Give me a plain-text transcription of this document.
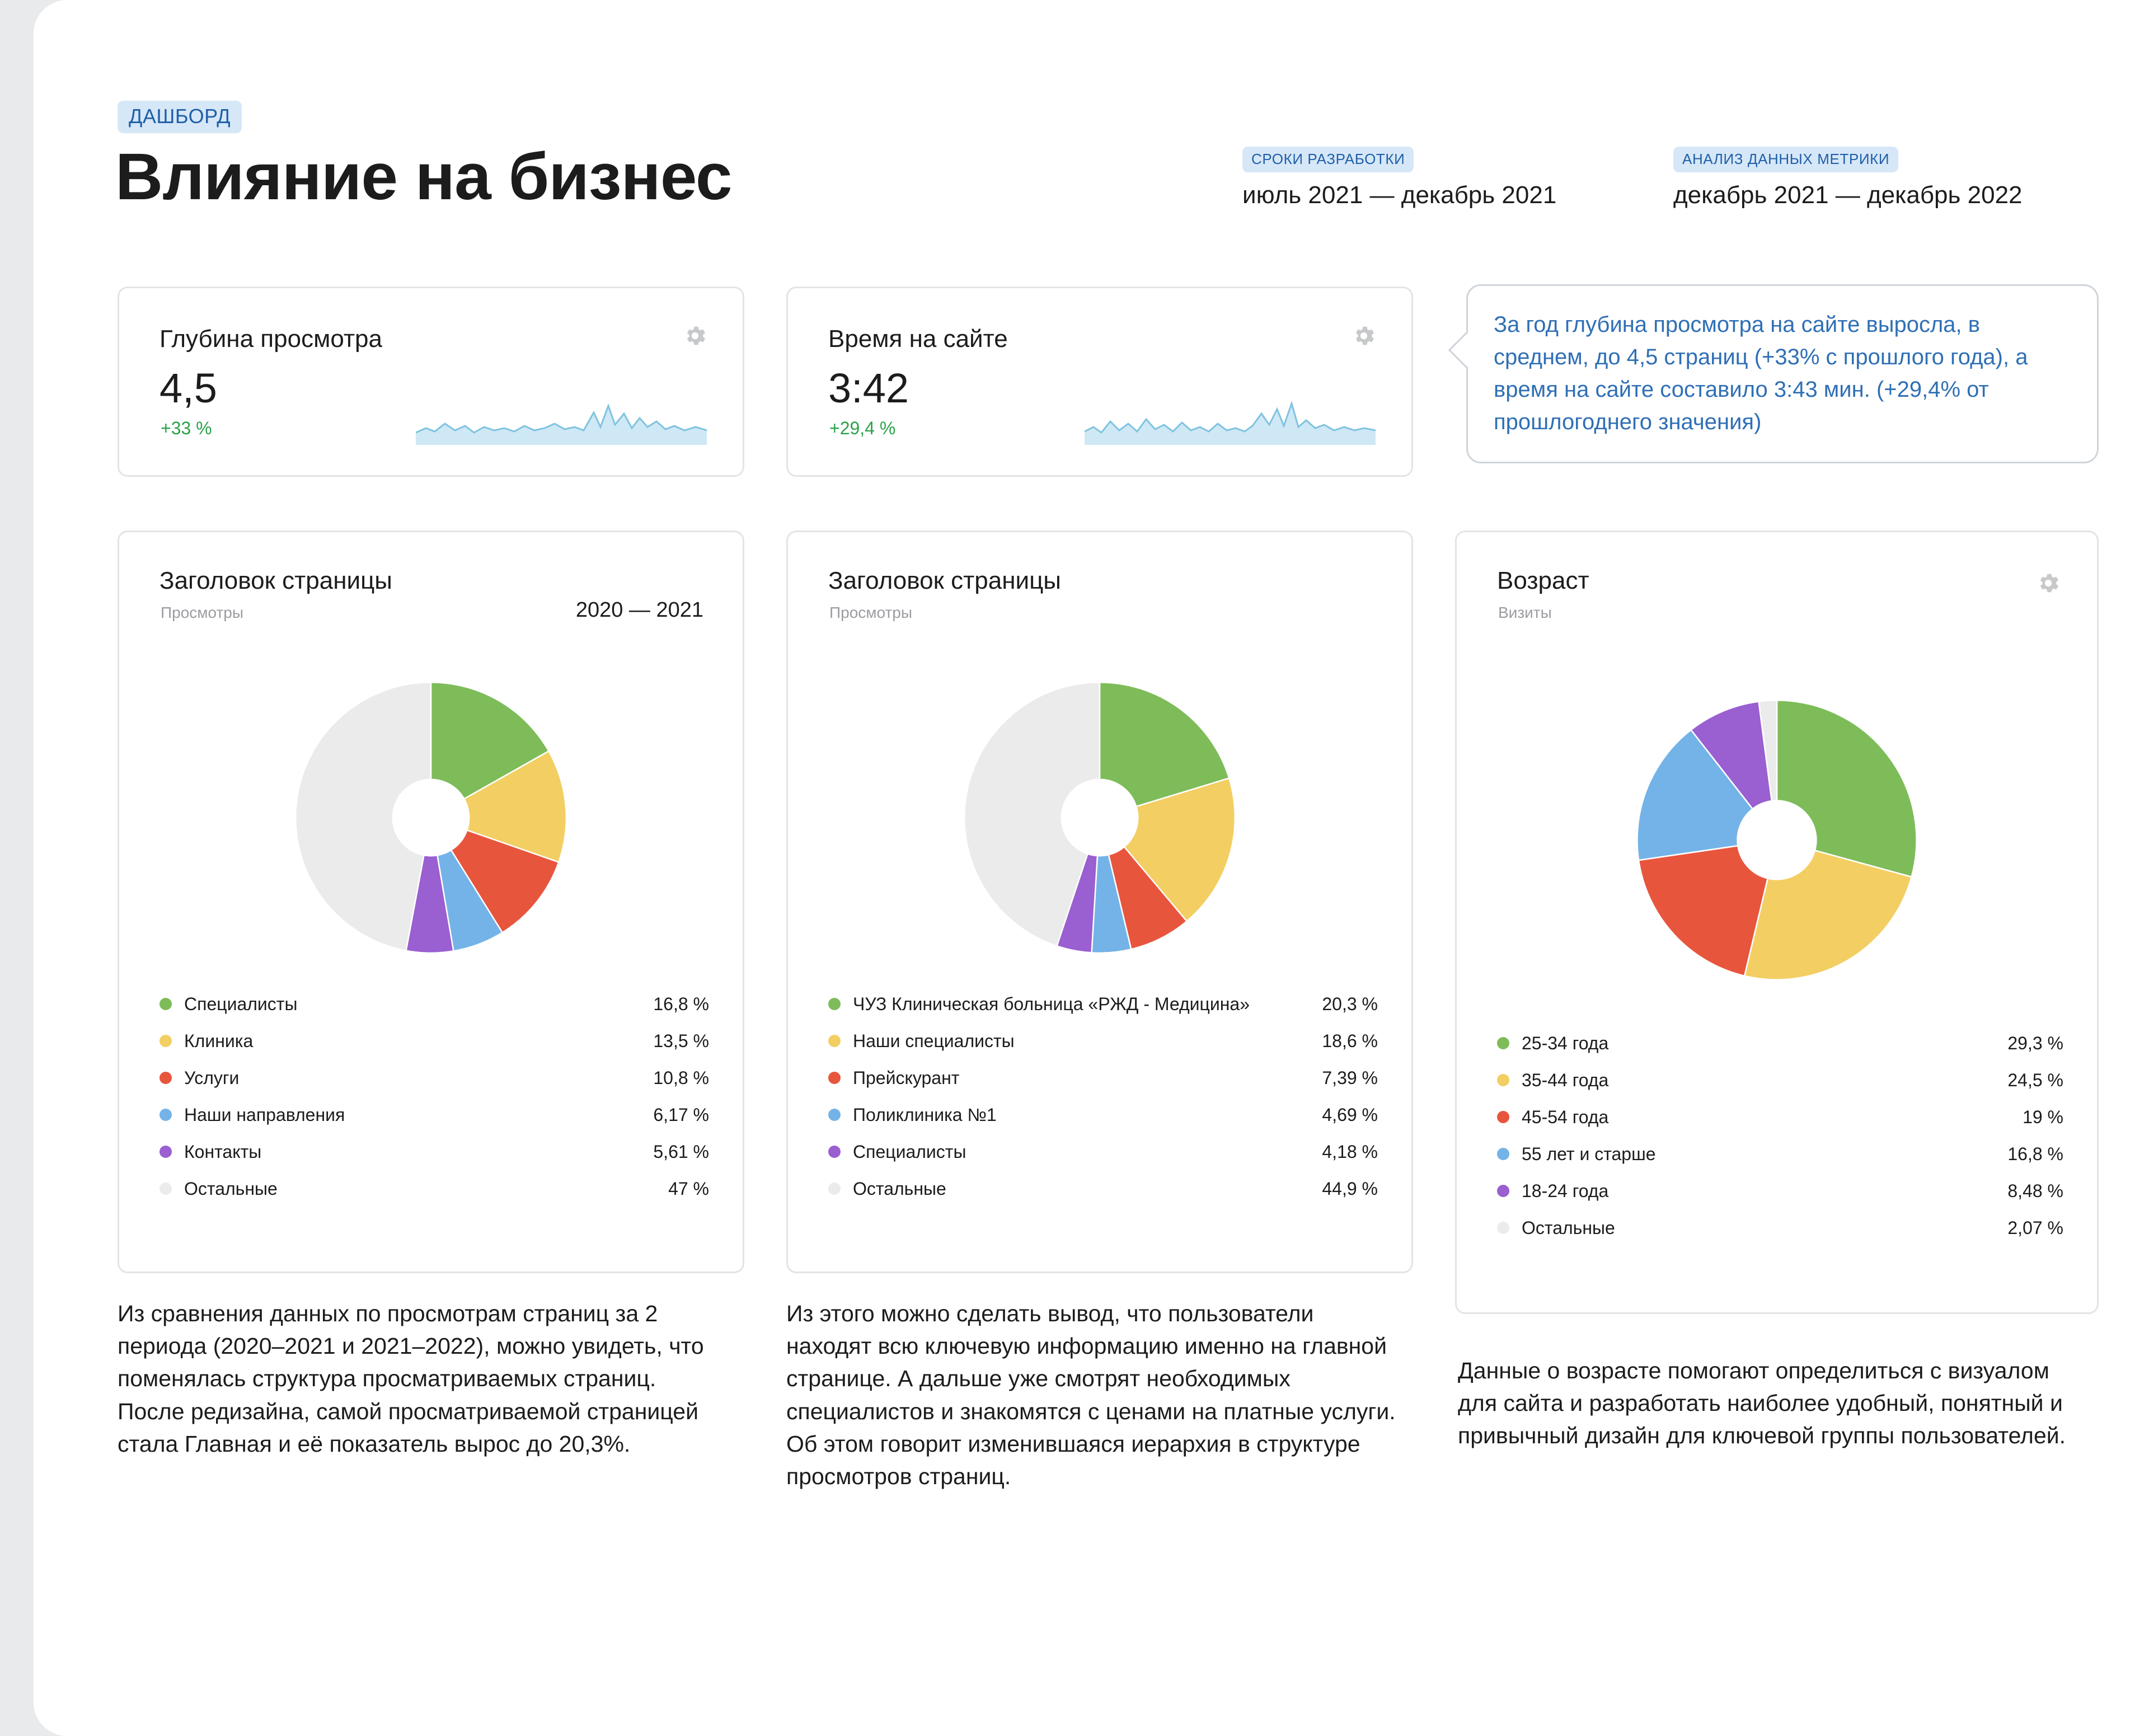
ДАШБОРД
Влияние на бизнес	СРОКИ РАЗРАБОТКИ
июль 2021 — декабрь 2021
АНАЛИЗ ДАННЫХ МЕТРИКИ
декабрь 2021 — декабрь 2022
Глубина просмотра
4,5
+33 %
Время на сайте
3:42
+29,4 %

За год глубина просмотра на сайте выросла, в среднем, до 4,5 страниц (+33% с прошлого года), а время на сайте составило 3:43 мин. (+29,4% от прошлогоднего значения)

Заголовок страницы
Просмотры	2020 — 2021
Специалисты	16,8 %
Клиника	13,5 %
Услуги	10,8 %
Наши направления	6,17 %
Контакты	5,61 %
Остальные	47 %
Заголовок страницы
Просмотры
ЧУЗ Клиническая больница «РЖД - Медицина»	20,3 %
Наши специалисты	18,6 %
Прейскурант	7,39 %
Поликлиника №1	4,69 %
Специалисты	4,18 %
Остальные	44,9 %
Возраст
Визиты
25-34 года	29,3 %
35-44 года	24,5 %
45-54 года	19 %
55 лет и старше	16,8 %
18-24 года	8,48 %
Остальные	2,07 %
Из сравнения данных по просмотрам страниц за 2 периода (2020–2021 и 2021–2022), можно увидеть, что поменялась структура просматриваемых страниц. После редизайна, самой просматриваемой страницей стала Главная и её показатель вырос до 20,3%.
Из этого можно сделать вывод, что пользователи находят всю ключевую информацию именно на главной странице. А дальше уже смотрят необходимых специалистов и знакомятся с ценами на платные услуги. Об этом говорит изменившаяся иерархия в структуре просмотров страниц.
Данные о возрасте помогают определиться с визуалом для сайта и разработать наиболее удобный, понятный и привычный дизайн для ключевой группы пользователей.
